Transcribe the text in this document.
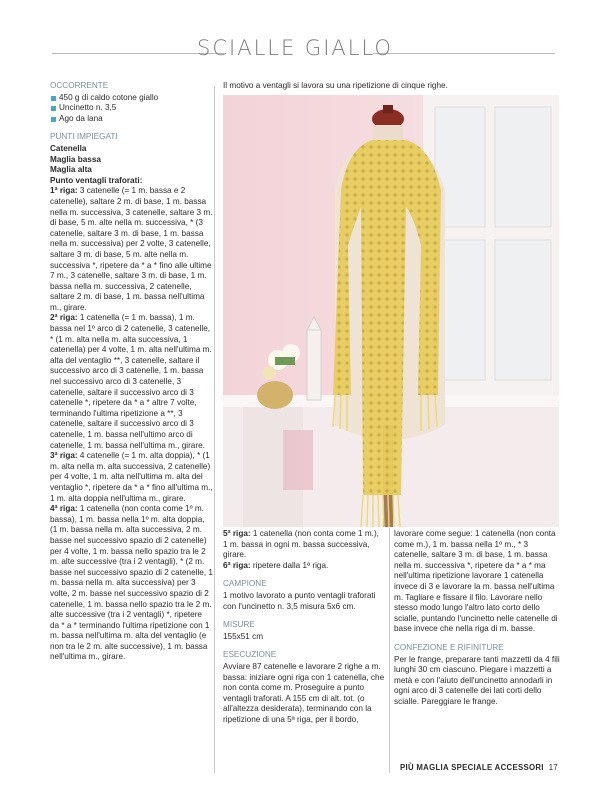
SCIALLE GIALLO
OCCORRENTE
450 g di caldo cotone giallo
Uncinetto n. 3,5
Ago da lana
PUNTI IMPIEGATI
Catenella
Maglia bassa
Maglia alta
Punto ventagli traforati:

1ª riga: 3 catenelle (= 1 m. bassa e 2 catenelle), saltare 2 m. di base, 1 m. bassa nella m. successiva, 3 catenelle, saltare 3 m. di base, 5 m. alte nella m. successiva, * (3 catenelle, saltare 3 m. di base, 1 m. bassa nella m. successiva) per 2 volte, 3 catenelle, saltare 3 m. di base, 5 m. alte nella m. successiva *, ripetere da * a * fino alle ultime 7 m., 3 catenelle, saltare 3 m. di base, 1 m. bassa nella m. successiva, 2 catenelle, saltare 2 m. di base, 1 m. bassa nell'ultima m., girare.

2ª riga: 1 catenella (= 1 m. bassa), 1 m. bassa nel 1º arco di 2 catenelle, 3 catenelle, * (1 m. alta nella m. alta successiva, 1 catenella) per 4 volte, 1 m. alta nell'ultima m. alta del ventaglio **, 3 catenelle, saltare il successivo arco di 3 catenelle, 1 m. bassa nel successivo arco di 3 catenelle, 3 catenelle, saltare il successivo arco di 3 catenelle *, ripetere da * a * altre 7 volte, terminando l'ultima ripetizione a **, 3 catenelle, saltare il successivo arco di 3 catenelle, 1 m. bassa nell'ultimo arco di catenelle, 1 m. bassa nell'ultima m., girare.

3ª riga: 4 catenelle (= 1 m. alta doppia), * (1 m. alta nella m. alta successiva, 2 catenelle) per 4 volte, 1 m. alta nell'ultima m. alta del ventaglio *, ripetere da * a * fino all'ultima m., 1 m. alta doppia nell'ultima m., girare.

4ª riga: 1 catenella (non conta come 1º m. bassa), 1 m. bassa nella 1º m. alta doppia, (1 m. bassa nella m. alta successiva, 2 m. basse nel successivo spazio di 2 catenelle) per 4 volte, 1 m. bassa nello spazio tra le 2 m. alte successive (tra i 2 ventagli), * (2 m. basse nel successivo spazio di 2 catenelle, 1 m. bassa nella m. alta successiva) per 3 volte, 2 m. basse nel successivo spazio di 2 catenelle, 1 m. bassa nello spazio tra le 2 m. alte successive (tra i 2 ventagli) *, ripetere da * a * terminando l'ultima ripetizione con 1 m. bassa nell'ultima m. alta del ventaglio (e non tra le 2 m. alte successive), 1 m. bassa nell'ultima m., girare.

Il motivo a ventagli si lavora su una ripetizione di cinque righe.

5ª riga: 1 catenella (non conta come 1 m.), 1 m. bassa in ogni m. bassa successiva, girare.

6ª riga: ripetere dalla 1ª riga.

CAMPIONE

1 motivo lavorato a punto ventagli traforati con l'uncinetto n. 3,5 misura 5x6 cm.

MISURE

155x51 cm

ESECUZIONE

Avviare 87 catenelle e lavorare 2 righe a m. bassa: iniziare ogni riga con 1 catenella, che non conta come m. Proseguire a punto ventagli traforati. A 155 cm di alt. tot. (o all'altezza desiderata), terminando con la ripetizione di una 5ª riga, per il bordo,

lavorare come segue: 1 catenella (non conta come m.), 1 m. bassa nella 1º m., * 3 catenelle, saltare 3 m. di base, 1 m. bassa nella m. successiva *, ripetere da * a * ma nell'ultima ripetizione lavorare 1 catenella invece di 3 e lavorare la m. bassa nell'ultima m. Tagliare e fissare il filo. Lavorare nello stesso modo lungo l'altro lato corto dello scialle, puntando l'uncinetto nelle catenelle di base invece che nella riga di m. basse.

CONFEZIONE E RIFINITURE

Per le frange, preparare tanti mazzetti da 4 fili lunghi 30 cm ciascuno. Piegare i mazzetti a metà e con l'aiuto dell'uncinetto annodarli in ogni arco di 3 catenelle dei lati corti dello scialle. Pareggiare le frange.

PIÙ MAGLIA SPECIALE ACCESSORI 17
